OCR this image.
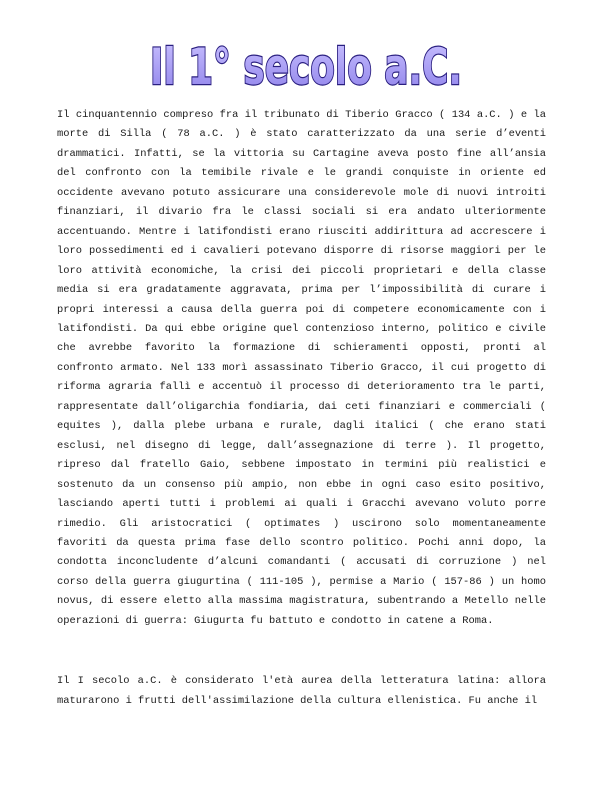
Il 1° secolo a.C.

Il cinquantennio compreso fra il tribunato di Tiberio Gracco ( 134 a.C. ) e la morte di Silla ( 78 a.C. ) è stato caratterizzato da una serie d’eventi drammatici. Infatti, se la vittoria su Cartagine aveva posto fine all’ansia del confronto con la temibile rivale e le grandi conquiste in oriente ed occidente avevano potuto assicurare una considerevole mole di nuovi introiti finanziari, il divario fra le classi sociali si era andato ulteriormente accentuando. Mentre i latifondisti erano riusciti addirittura ad accrescere i loro possedimenti ed i cavalieri potevano disporre di risorse maggiori per le loro attività economiche, la crisi dei piccoli proprietari e della classe media si era gradatamente aggravata, prima per l’impossibilità di curare i propri interessi a causa della guerra poi di competere economicamente con i latifondisti. Da qui ebbe origine quel contenzioso interno, politico e civile che avrebbe favorito la formazione di schieramenti opposti, pronti al confronto armato. Nel 133 morì assassinato Tiberio Gracco, il cui progetto di riforma agraria fallì e accentuò il processo di deterioramento tra le parti, rappresentate dall’oligarchia fondiaria, dai ceti finanziari e commerciali ( equites ), dalla plebe urbana e rurale, dagli italici ( che erano stati esclusi, nel disegno di legge, dall’assegnazione di terre ). Il progetto, ripreso dal fratello Gaio, sebbene impostato in termini più realistici e sostenuto da un consenso più ampio, non ebbe in ogni caso esito positivo, lasciando aperti tutti i problemi ai quali i Gracchi avevano voluto porre rimedio. Gli aristocratici ( optimates ) uscirono solo momentaneamente favoriti da questa prima fase dello scontro politico. Pochi anni dopo, la condotta inconcludente d’alcuni comandanti ( accusati di corruzione ) nel corso della guerra giugurtina ( 111-105 ), permise a Mario ( 157-86 ) un homo novus, di essere eletto alla massima magistratura, subentrando a Metello nelle operazioni di guerra: Giugurta fu battuto e condotto in catene a Roma.

Il I secolo a.C. è considerato l'età aurea della letteratura latina: allora maturarono i frutti dell'assimilazione della cultura ellenistica. Fu anche il
